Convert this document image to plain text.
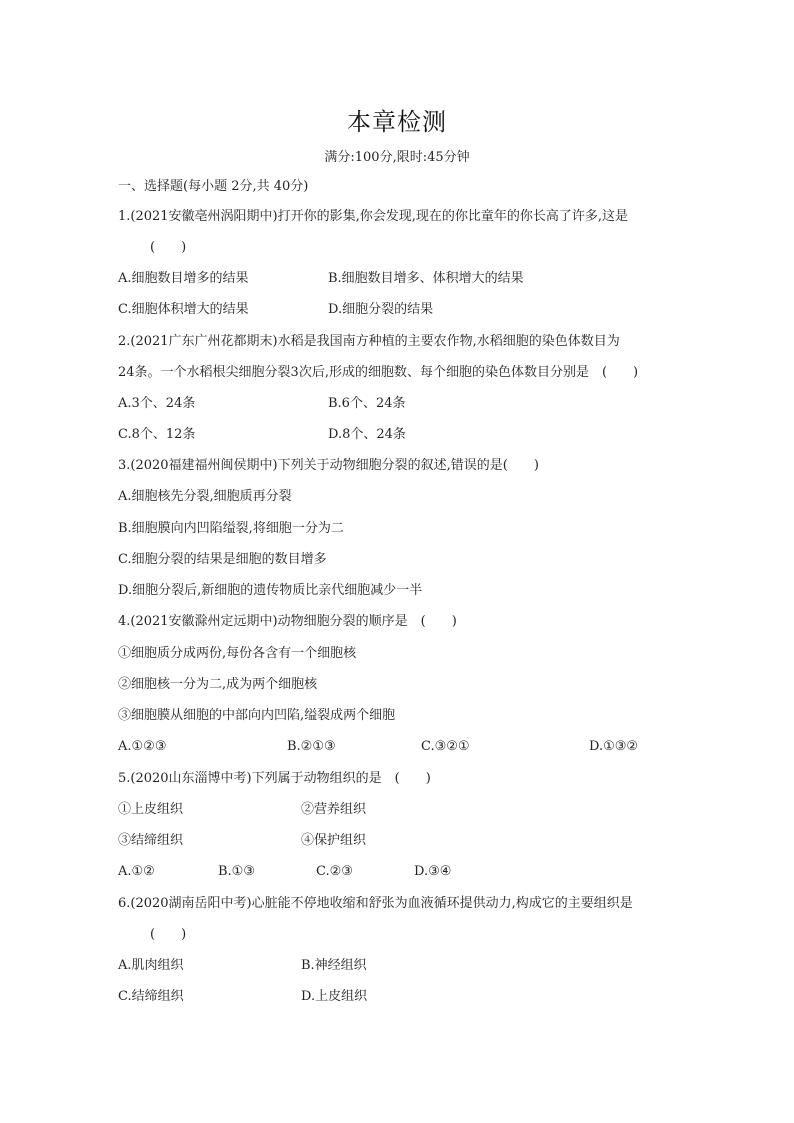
本章检测
满分:100分,限时:45分钟
一、选择题(每小题 2分,共 40分)
1.(2021安徽亳州涡阳期中)打开你的影集,你会发现,现在的你比童年的你长高了许多,这是
(　　)
A.细胞数目增多的结果	B.细胞数目增多、体积增大的结果
C.细胞体积增大的结果	D.细胞分裂的结果
2.(2021广东广州花都期末)水稻是我国南方种植的主要农作物,水稻细胞的染色体数目为
24条。一个水稻根尖细胞分裂3次后,形成的细胞数、每个细胞的染色体数目分别是　(　　)
A.3个、24条	B.6个、24条
C.8个、12条	D.8个、24条
3.(2020福建福州闽侯期中)下列关于动物细胞分裂的叙述,错误的是(　　)
A.细胞核先分裂,细胞质再分裂
B.细胞膜向内凹陷缢裂,将细胞一分为二
C.细胞分裂的结果是细胞的数目增多
D.细胞分裂后,新细胞的遗传物质比亲代细胞减少一半
4.(2021安徽滁州定远期中)动物细胞分裂的顺序是　(　　)
①细胞质分成两份,每份各含有一个细胞核
②细胞核一分为二,成为两个细胞核
③细胞膜从细胞的中部向内凹陷,缢裂成两个细胞
A.①②③	B.②①③	C.③②①	D.①③②
5.(2020山东淄博中考)下列属于动物组织的是　(　　)
①上皮组织	②营养组织
③结缔组织	④保护组织
A.①②	B.①③	C.②③	D.③④
6.(2020湖南岳阳中考)心脏能不停地收缩和舒张为血液循环提供动力,构成它的主要组织是
(　　)
A.肌肉组织	B.神经组织
C.结缔组织	D.上皮组织
